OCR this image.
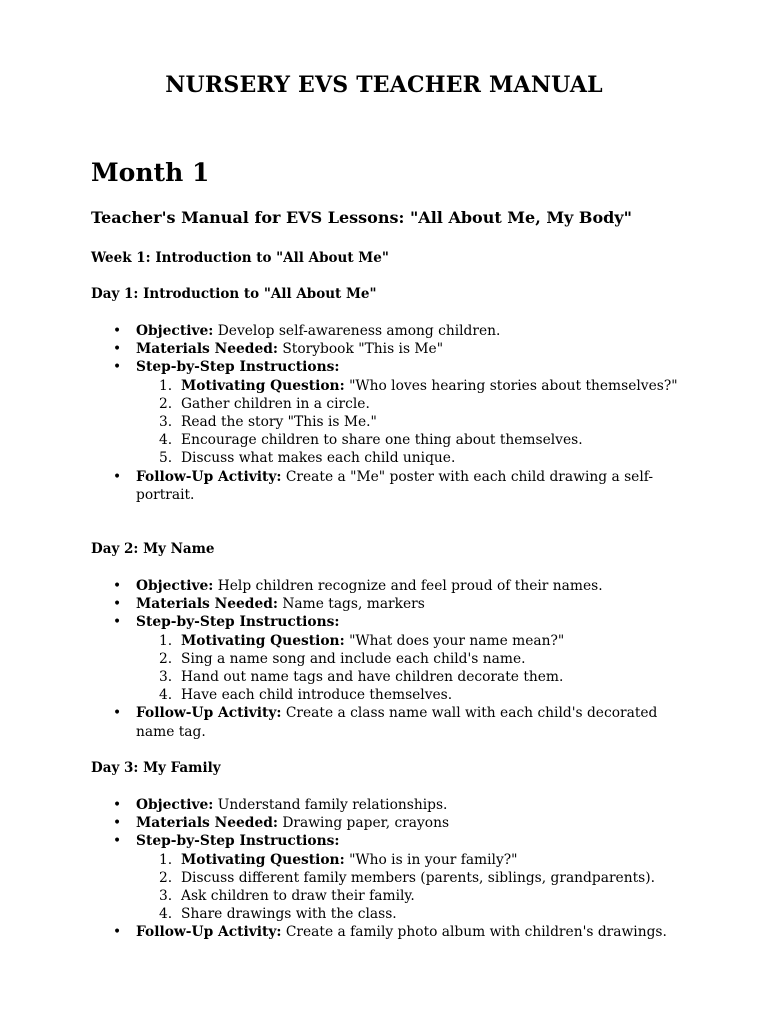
NURSERY EVS TEACHER MANUAL
Month 1
Teacher's Manual for EVS Lessons: "All About Me, My Body"
Week 1: Introduction to "All About Me"
Day 1: Introduction to "All About Me"
• Objective: Develop self-awareness among children.
• Materials Needed: Storybook "This is Me"
• Step-by-Step Instructions:
1. Motivating Question: "Who loves hearing stories about themselves?"
2. Gather children in a circle.
3. Read the story "This is Me."
4. Encourage children to share one thing about themselves.
5. Discuss what makes each child unique.
• Follow-Up Activity: Create a "Me" poster with each child drawing a self-portrait.
Day 2: My Name
• Objective: Help children recognize and feel proud of their names.
• Materials Needed: Name tags, markers
• Step-by-Step Instructions:
1. Motivating Question: "What does your name mean?"
2. Sing a name song and include each child's name.
3. Hand out name tags and have children decorate them.
4. Have each child introduce themselves.
• Follow-Up Activity: Create a class name wall with each child's decorated name tag.
Day 3: My Family
• Objective: Understand family relationships.
• Materials Needed: Drawing paper, crayons
• Step-by-Step Instructions:
1. Motivating Question: "Who is in your family?"
2. Discuss different family members (parents, siblings, grandparents).
3. Ask children to draw their family.
4. Share drawings with the class.
• Follow-Up Activity: Create a family photo album with children's drawings.
